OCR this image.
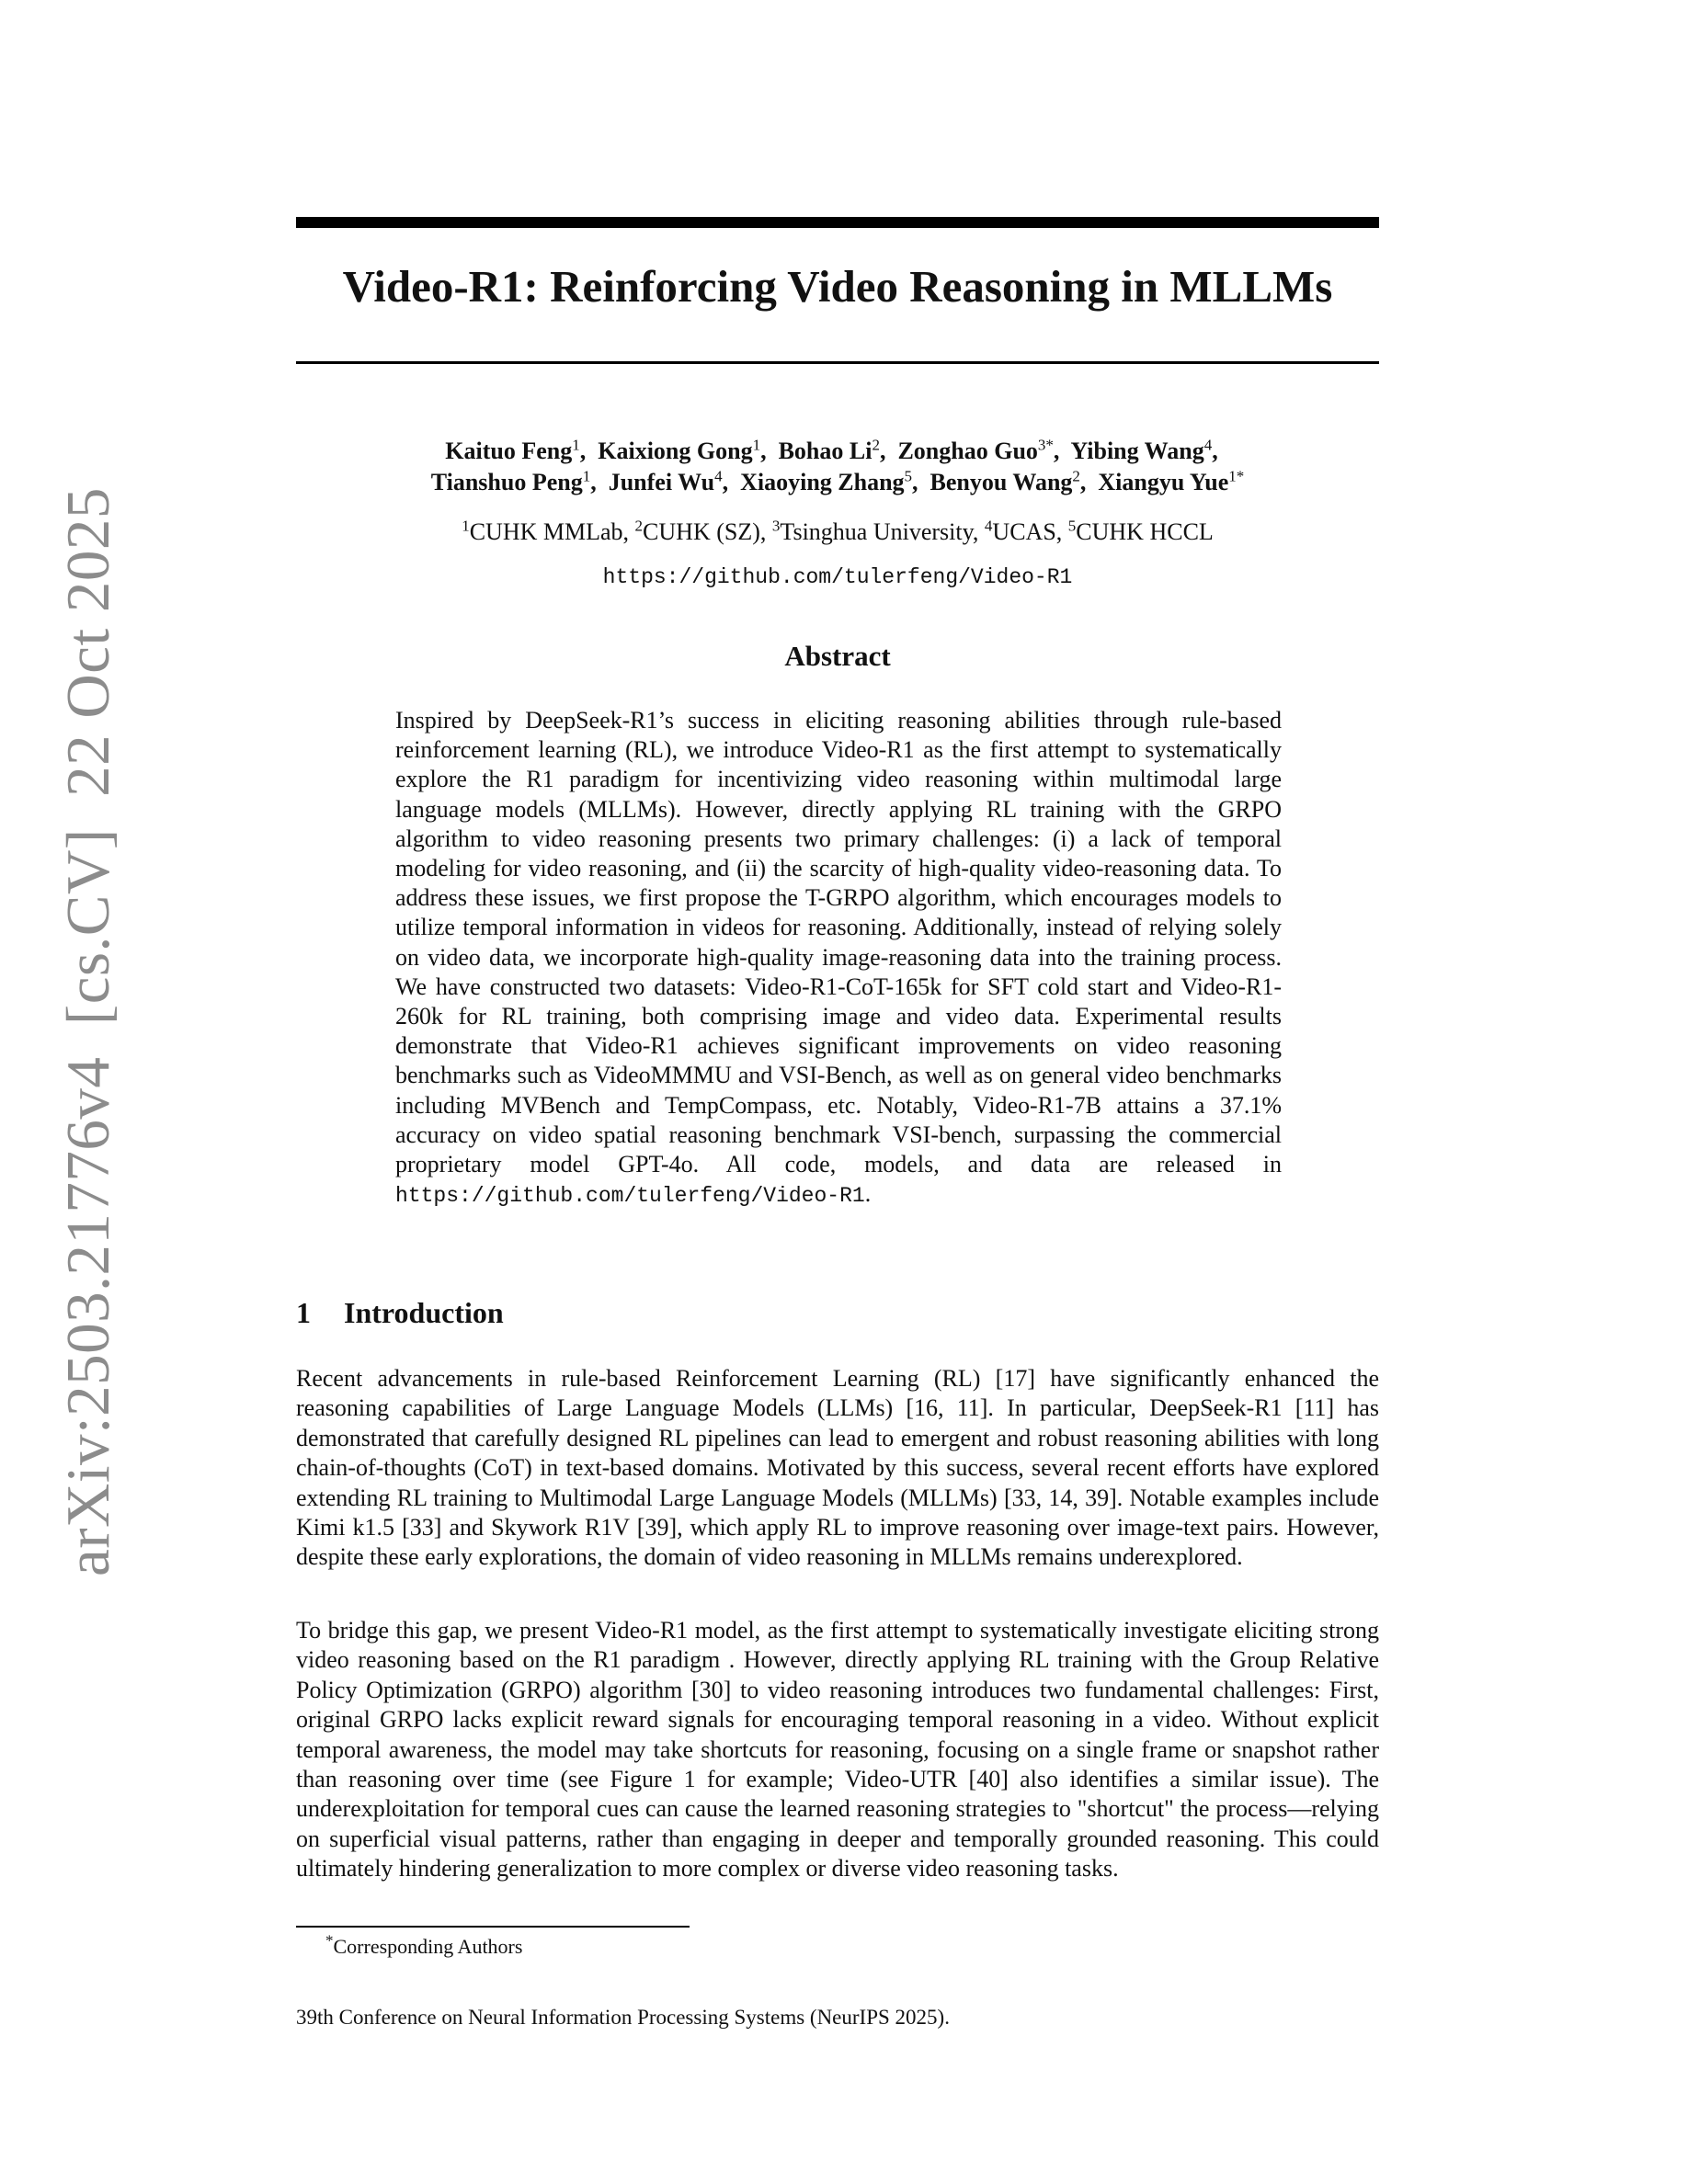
arXiv:2503.21776v4  [cs.CV]  22 Oct 2025
Video-R1: Reinforcing Video Reasoning in MLLMs
Kaituo Feng$^1$,  Kaixiong Gong$^1$,  Bohao Li$^2$,  Zonghao Guo$^{3*}$,  Yibing Wang$^4$,
Tianshuo Peng$^1$,  Junfei Wu$^4$,  Xiaoying Zhang$^5$,  Benyou Wang$^2$,  Xiangyu Yue$^{1*}$
$^1$CUHK MMLab, $^2$CUHK (SZ), $^3$Tsinghua University, $^4$UCAS, $^5$CUHK HCCL
https://github.com/tulerfeng/Video-R1
Abstract
Inspired by DeepSeek-R1’s success in eliciting reasoning abilities through rule-based reinforcement learning (RL), we introduce Video-R1 as the first attempt to systematically explore the R1 paradigm for incentivizing video reasoning within multimodal large language models (MLLMs). However, directly applying RL training with the GRPO algorithm to video reasoning presents two primary challenges: (i) a lack of temporal modeling for video reasoning, and (ii) the scarcity of high-quality video-reasoning data. To address these issues, we first propose the T-GRPO algorithm, which encourages models to utilize temporal information in videos for reasoning. Additionally, instead of relying solely on video data, we incorporate high-quality image-reasoning data into the training process. We have constructed two datasets: Video-R1-CoT-165k for SFT cold start and Video-R1-260k for RL training, both comprising image and video data. Experimental results demonstrate that Video-R1 achieves significant improvements on video reasoning benchmarks such as VideoMMMU and VSI-Bench, as well as on general video benchmarks including MVBench and TempCompass, etc. Notably, Video-R1-7B attains a 37.1% accuracy on video spatial reasoning benchmark VSI-bench, surpassing the commercial proprietary model GPT-4o. All code, models, and data are released in https://github.com/tulerfeng/Video-R1.
1 Introduction

Recent advancements in rule-based Reinforcement Learning (RL) [17] have significantly enhanced the reasoning capabilities of Large Language Models (LLMs) [16, 11]. In particular, DeepSeek-R1 [11] has demonstrated that carefully designed RL pipelines can lead to emergent and robust reasoning abilities with long chain-of-thoughts (CoT) in text-based domains. Motivated by this success, several recent efforts have explored extending RL training to Multimodal Large Language Models (MLLMs) [33, 14, 39]. Notable examples include Kimi k1.5 [33] and Skywork R1V [39], which apply RL to improve reasoning over image-text pairs. However, despite these early explorations, the domain of video reasoning in MLLMs remains underexplored.

To bridge this gap, we present Video-R1 model, as the first attempt to systematically investigate eliciting strong video reasoning based on the R1 paradigm . However, directly applying RL training with the Group Relative Policy Optimization (GRPO) algorithm [30] to video reasoning introduces two fundamental challenges: First, original GRPO lacks explicit reward signals for encouraging temporal reasoning in a video. Without explicit temporal awareness, the model may take shortcuts for reasoning, focusing on a single frame or snapshot rather than reasoning over time (see Figure 1 for example; Video-UTR [40] also identifies a similar issue). The underexploitation for temporal cues can cause the learned reasoning strategies to "shortcut" the process—relying on superficial visual patterns, rather than engaging in deeper and temporally grounded reasoning. This could ultimately hindering generalization to more complex or diverse video reasoning tasks.

*Corresponding Authors
39th Conference on Neural Information Processing Systems (NeurIPS 2025).
